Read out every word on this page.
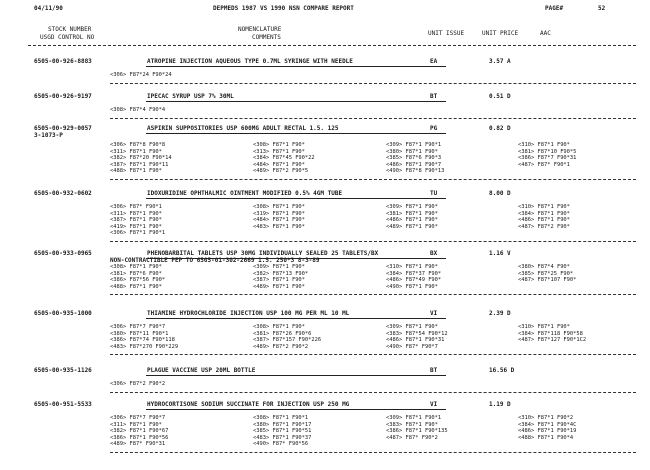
04/11/90	DEPMEDS 1987 VS 1990 NSN COMPARE REPORT	PAGE#	52
STOCK NUMBER
USGD CONTROL NO
NOMENCLATURE
COMMENTS
UNIT ISSUE	UNIT PRICE	AAC
6505-00-926-8883	ATROPINE INJECTION AQUEOUS TYPE 0.7ML SYRINGE WITH NEEDLE	EA	3.57 A
<306> F87*24 F90*24
6505-00-926-9197	IPECAC SYRUP USP 7% 30ML	BT	0.51 D
<308> F87*4 F90*4
6505-00-929-0057
3-1073-P
ASPIRIN SUPPOSITORIES USP 600MG ADULT RECTAL 1.5. 125	PG	0.82 D
<306> F87*8 F90*8	<308> F87*1 F90*	<309> F87*1 F90*1	<310> F87*1 F90*
<311> F87*1 F90*	<313> F87*1 F90*	<380> F87*1 F90*	<381> F87*10 F90*5
<382> F87*20 F90*14	<384> F87*45 F90*22	<385> F87*6 F90*3	<386> F87*7 F90*31
<387> F87*1 F90*11	<484> F87*1 F90*	<486> F87*1 F90*7	<487> F87* F90*1
<488> F87*1 F90*	<489> F87*2 F90*5	<490> F87*8 F90*13
6505-00-932-0602	IDOXURIDINE OPHTHALMIC OINTMENT MODIFIED 0.5% 4GM TUBE	TU	8.00 D
<306> F87* F90*1	<308> F87*1 F90*	<309> F87*1 F90*	<310> F87*1 F90*
<311> F87*1 F90*	<319> F87*1 F90*	<381> F87*1 F90*	<384> F87*1 F90*
<387> F87*1 F90*	<484> F87*1 F90*	<486> F87*1 F90*	<486> F87*1 F90*
<419> F87*1 F90*	<483> F87*1 F90*	<489> F87*1 F90*	<487> F87*2 F90*
<306> F87*1 F90*1
6505-00-933-0965	PHENOBARBITAL TABLETS USP 30MG INDIVIDUALLY SEALED 25 TABLETS/BX
NON-CONTRACTIBLE PEP TO 6505-01-302-2669 1.5. 250*3 8-3-89
BX	1.16 V
<308> F87*1 F90*	<309> F87*1 F90*	<310> F87*1 F90*	<380> F87*4 F90*
<381> F87*6 F90*	<382> F87*13 F90*	<384> F87*37 F90*	<385> F87*25 F90*
<386> F87*56 F90*	<387> F87*1 F90*	<486> F87*49 F90*	<487> F87*107 F90*
<488> F87*1 F90*	<489> F87*1 F90*	<490> F87*1 F90*
6505-00-935-1000	THIAMINE HYDROCHLORIDE INJECTION USP 100 MG PER ML 10 ML	VI	2.39 D
<306> F87*7 F90*7	<308> F87*1 F90*	<309> F87*1 F90*	<310> F87*1 F90*
<380> F87*11 F90*1	<381> F87*26 F90*6	<383> F87*54 F90*12	<384> F87*118 F90*58
<386> F87*74 F90*118	<387> F87*157 F90*226	<486> F87*1 F90*31	<487> F87*127 F90*1C2
<483> F87*270 F90*229	<489> F87*2 F90*2	<490> F87* F90*7
6505-00-935-1126	PLAGUE VACCINE USP 20ML BOTTLE	BT	16.56 D
<306> F87*2 F90*2
6505-00-951-5533	HYDROCORTISONE SODIUM SUCCINATE FOR INJECTION USP 250 MG	VI	1.19 D
<306> F87*7 F90*7	<308> F87*1 F90*1	<309> F87*1 F90*1	<310> F87*1 F90*2
<311> F87*1 F90*	<380> F87*1 F90*17	<383> F87*1 F90*	<384> F87*1 F90*4C
<382> F87*1 F90*67	<385> F87*1 F90*51	<386> F87*1 F90*135	<486> F87*1 F90*19
<386> F87*1 F90*56	<483> F87*1 F90*37	<487> F87* F90*2	<488> F87*1 F90*4
<489> F87* F90*31	<490> F87* F90*56
